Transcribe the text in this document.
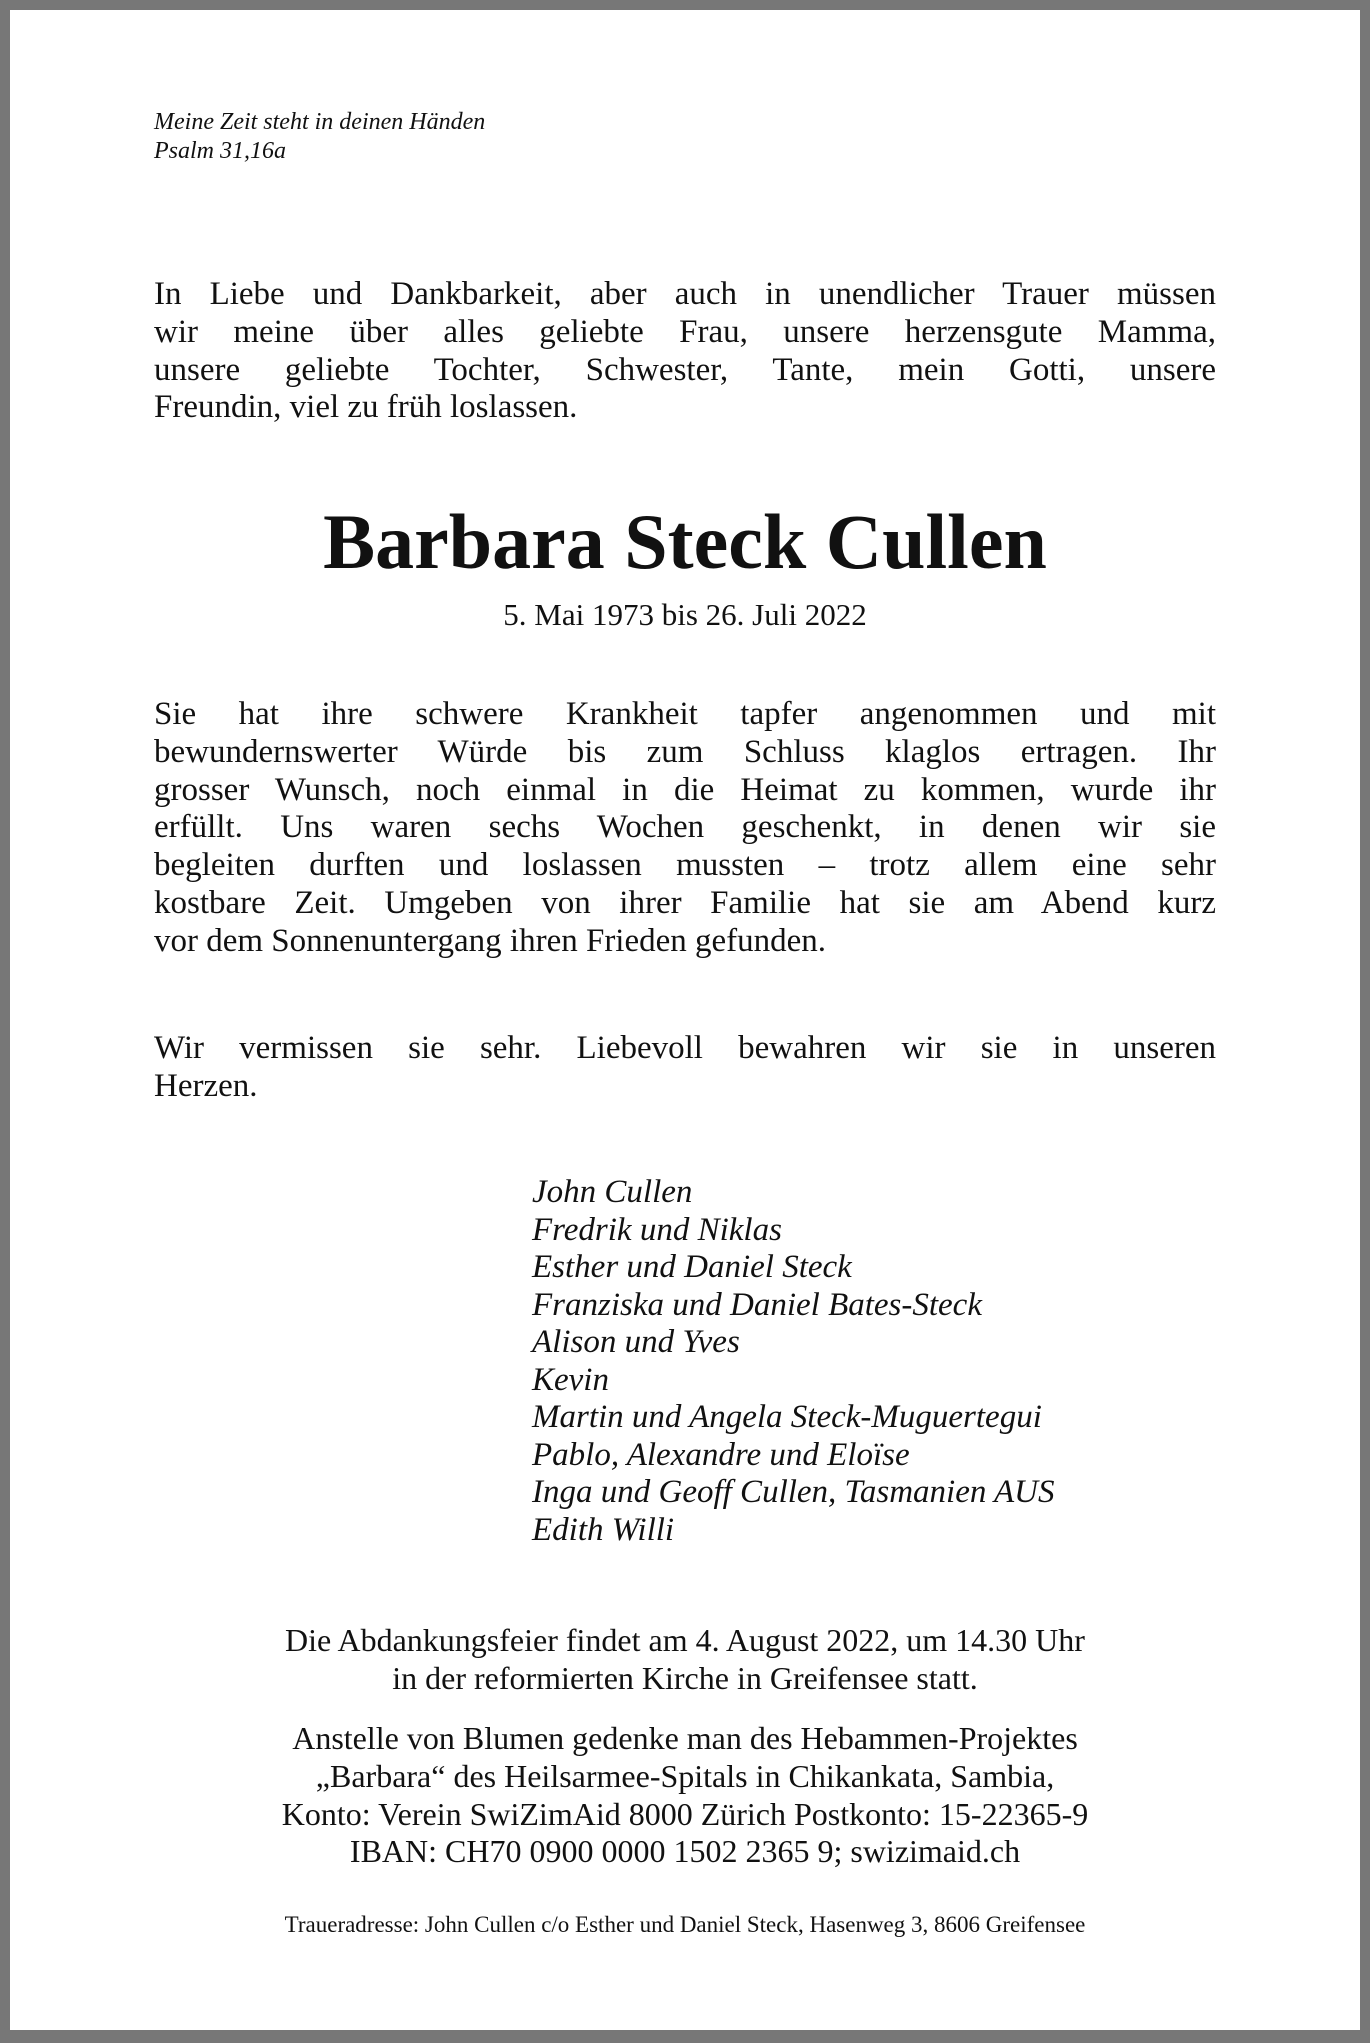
Meine Zeit steht in deinen Händen
Psalm 31,16a
In Liebe und Dankbarkeit, aber auch in unendlicher Trauer müssen
wir meine über alles geliebte Frau, unsere herzensgute Mamma,
unsere geliebte Tochter, Schwester, Tante, mein Gotti, unsere
Freundin, viel zu früh loslassen.
Barbara Steck Cullen
5. Mai 1973 bis 26. Juli 2022
Sie hat ihre schwere Krankheit tapfer angenommen und mit
bewundernswerter Würde bis zum Schluss klaglos ertragen. Ihr
grosser Wunsch, noch einmal in die Heimat zu kommen, wurde ihr
erfüllt. Uns waren sechs Wochen geschenkt, in denen wir sie
begleiten durften und loslassen mussten – trotz allem eine sehr
kostbare Zeit. Umgeben von ihrer Familie hat sie am Abend kurz
vor dem Sonnenuntergang ihren Frieden gefunden.
Wir vermissen sie sehr. Liebevoll bewahren wir sie in unseren
Herzen.
John Cullen
Fredrik und Niklas
Esther und Daniel Steck
Franziska und Daniel Bates-Steck
Alison und Yves
Kevin
Martin und Angela Steck-Muguertegui
Pablo, Alexandre und Eloïse
Inga und Geoff Cullen, Tasmanien AUS
Edith Willi
Die Abdankungsfeier findet am 4. August 2022, um 14.30 Uhr
in der reformierten Kirche in Greifensee statt.
Anstelle von Blumen gedenke man des Hebammen-Projektes
„Barbara“ des Heilsarmee-Spitals in Chikankata, Sambia,
Konto: Verein SwiZimAid 8000 Zürich Postkonto: 15-22365-9
IBAN: CH70 0900 0000 1502 2365 9; swizimaid.ch
Traueradresse: John Cullen c/o Esther und Daniel Steck, Hasenweg 3, 8606 Greifensee
